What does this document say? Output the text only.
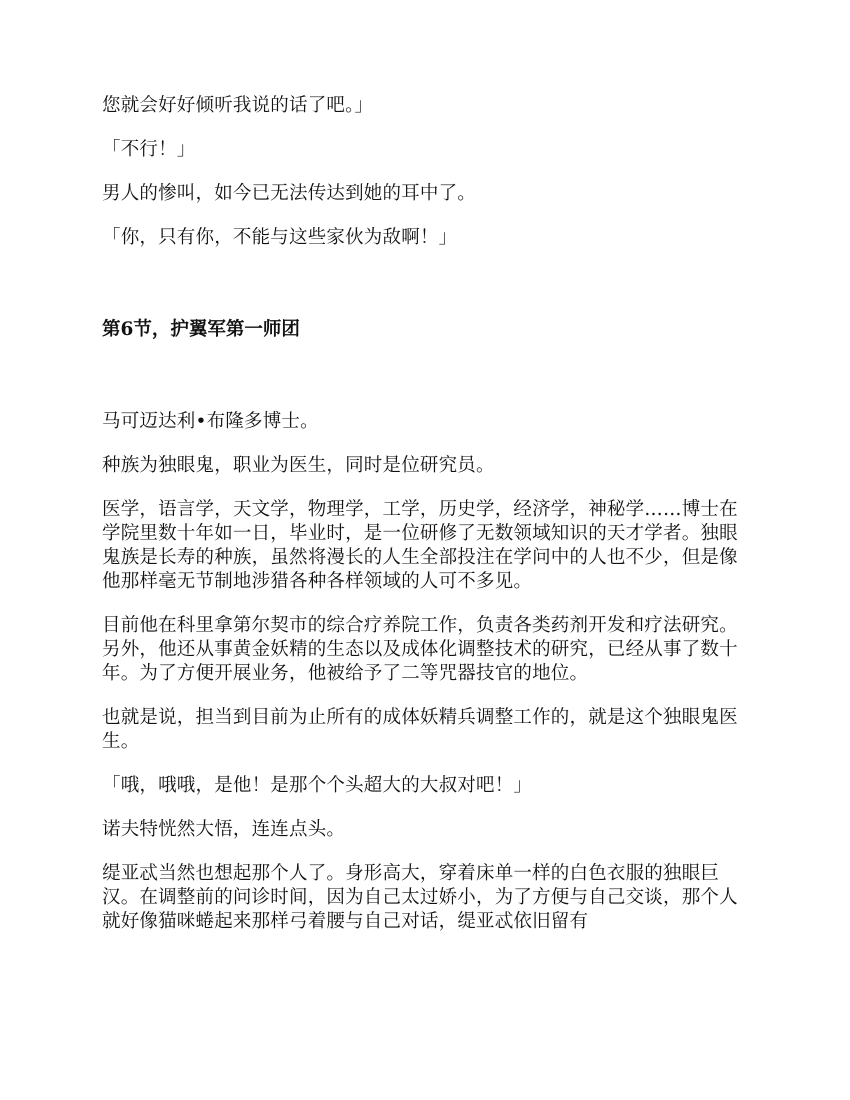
您就会好好倾听我说的话了吧。」

「不行！」

男人的惨叫，如今已无法传达到她的耳中了。

「你，只有你，不能与这些家伙为敌啊！」

第6节，护翼军第一师团

马可迈达利•布隆多博士。

种族为独眼鬼，职业为医生，同时是位研究员。

医学，语言学，天文学，物理学，工学，历史学，经济学，神秘学……博士在学院里数十年如一日，毕业时，是一位研修了无数领域知识的天才学者。独眼鬼族是长寿的种族，虽然将漫长的人生全部投注在学问中的人也不少，但是像他那样毫无节制地涉猎各种各样领域的人可不多见。

目前他在科里拿第尔契市的综合疗养院工作，负责各类药剂开发和疗法研究。另外，他还从事黄金妖精的生态以及成体化调整技术的研究，已经从事了数十年。为了方便开展业务，他被给予了二等咒器技官的地位。

也就是说，担当到目前为止所有的成体妖精兵调整工作的，就是这个独眼鬼医生。

「哦，哦哦，是他！是那个个头超大的大叔对吧！」

诺夫特恍然大悟，连连点头。

缇亚忒当然也想起那个人了。身形高大，穿着床单一样的白色衣服的独眼巨汉。在调整前的问诊时间，因为自己太过娇小，为了方便与自己交谈，那个人就好像猫咪蜷起来那样弓着腰与自己对话，缇亚忒依旧留有
